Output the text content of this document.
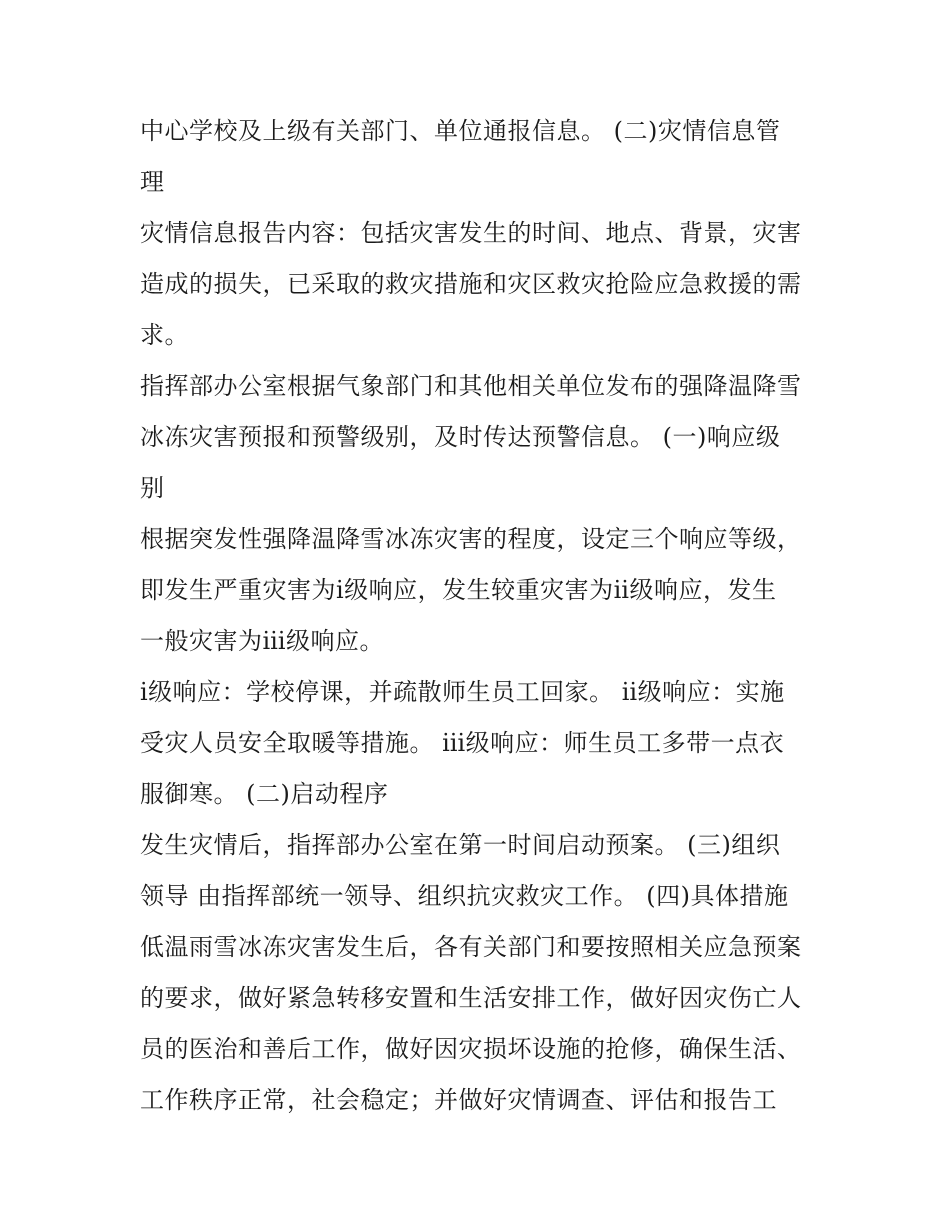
中心学校及上级有关部门、单位通报信息。 (二)灾情信息管
理
灾情信息报告内容：包括灾害发生的时间、地点、背景，灾害
造成的损失，已采取的救灾措施和灾区救灾抢险应急救援的需
求。
指挥部办公室根据气象部门和其他相关单位发布的强降温降雪
冰冻灾害预报和预警级别，及时传达预警信息。 (一)响应级
别
根据突发性强降温降雪冰冻灾害的程度，设定三个响应等级，
即发生严重灾害为ⅰ级响应，发生较重灾害为ⅱ级响应，发生
一般灾害为ⅲ级响应。
ⅰ级响应：学校停课，并疏散师生员工回家。 ⅱ级响应：实施
受灾人员安全取暖等措施。 ⅲ级响应：师生员工多带一点衣
服御寒。 (二)启动程序
发生灾情后，指挥部办公室在第一时间启动预案。 (三)组织
领导 由指挥部统一领导、组织抗灾救灾工作。 (四)具体措施
低温雨雪冰冻灾害发生后，各有关部门和要按照相关应急预案
的要求，做好紧急转移安置和生活安排工作，做好因灾伤亡人
员的医治和善后工作，做好因灾损坏设施的抢修，确保生活、
工作秩序正常，社会稳定；并做好灾情调查、评估和报告工
